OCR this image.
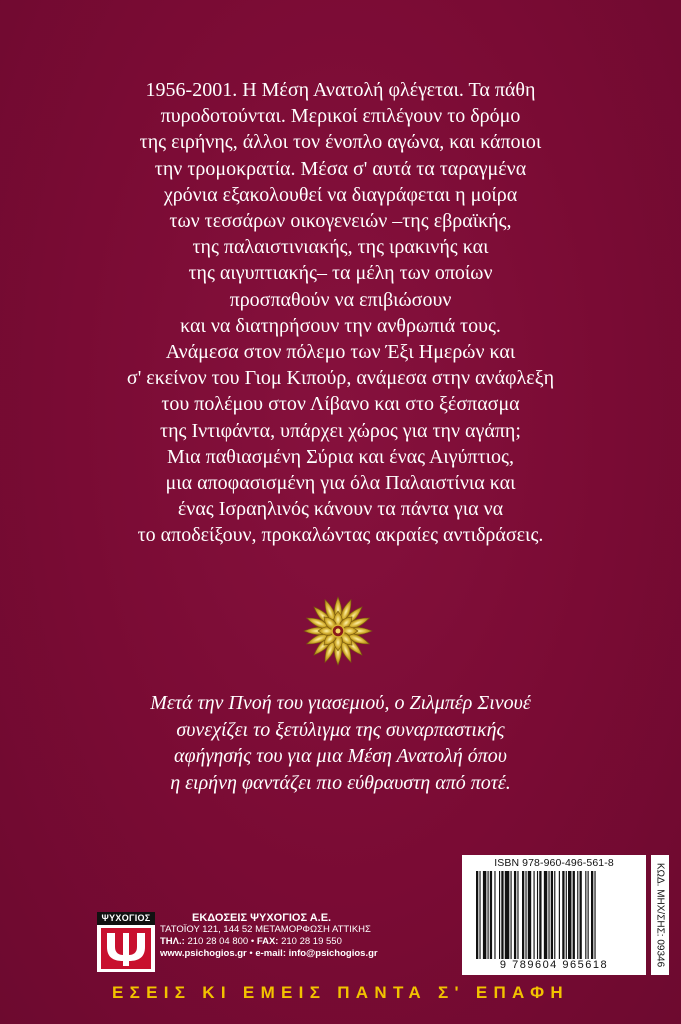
1956-2001. Η Μέση Ανατολή φλέγεται. Τα πάθη
πυροδοτούνται. Μερικοί επιλέγουν το δρόμο
της ειρήνης, άλλοι τον ένοπλο αγώνα, και κάποιοι
την τρομοκρατία. Μέσα σ' αυτά τα ταραγμένα
χρόνια εξακολουθεί να διαγράφεται η μοίρα
των τεσσάρων οικογενειών –της εβραϊκής,
της παλαιστινιακής, της ιρακινής και
της αιγυπτιακής– τα μέλη των οποίων
προσπαθούν να επιβιώσουν
και να διατηρήσουν την ανθρωπιά τους.
Ανάμεσα στον πόλεμο των Έξι Ημερών και
σ' εκείνον του Γιομ Κιπούρ, ανάμεσα στην ανάφλεξη
του πολέμου στον Λίβανο και στο ξέσπασμα
της Ιντιφάντα, υπάρχει χώρος για την αγάπη;
Μια παθιασμένη Σύρια και ένας Αιγύπτιος,
μια αποφασισμένη για όλα Παλαιστίνια και
ένας Ισραηλινός κάνουν τα πάντα για να
το αποδείξουν, προκαλώντας ακραίες αντιδράσεις.
Μετά την Πνοή του γιασεμιού, ο Ζιλμπέρ Σινουέ
συνεχίζει το ξετύλιγμα της συναρπαστικής
αφήγησής του για μια Μέση Ανατολή όπου
η ειρήνη φαντάζει πιο εύθραυστη από ποτέ.
ISBN 978-960-496-561-8
9 789604 965618	ΚΩΔ. ΜΗΧ/ΣΗΣ: 09346
ΨΥΧΟΓΙΟΣ	ΕΚΔΟΣΕΙΣ ΨΥΧΟΓΙΟΣ Α.Ε.
ΤΑΤΟΪΟΥ 121, 144 52 ΜΕΤΑΜΟΡΦΩΣΗ ΑΤΤΙΚΗΣ
ΤΗΛ.: 210 28 04 800 • FAX: 210 28 19 550
www.psichogios.gr • e-mail: info@psichogios.gr
ΕΣΕΙΣ ΚΙ ΕΜΕΙΣ ΠΑΝΤΑ Σ' ΕΠΑΦΗ
